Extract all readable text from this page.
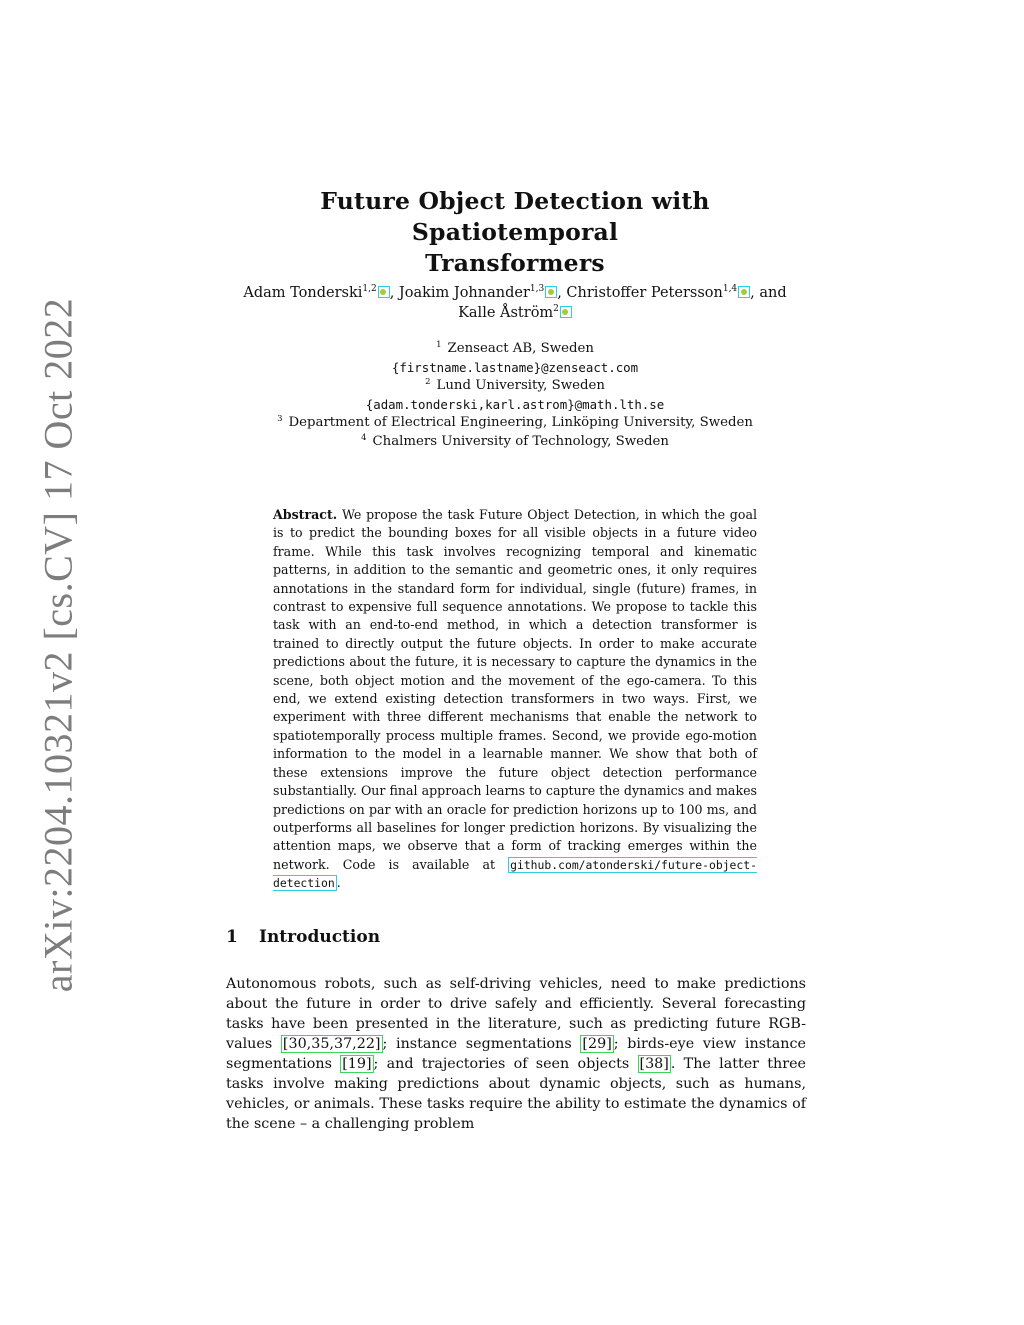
arXiv:2204.10321v2 [cs.CV] 17 Oct 2022
Future Object Detection with Spatiotemporal
Transformers
Adam Tonderski$^{1,2}$ , Joakim Johnander$^{1,3}$ , Christoffer Petersson$^{1,4}$ , and
Kalle Åström$^2$
$^1$ Zenseact AB, Sweden
{firstname.lastname}@zenseact.com
$^2$ Lund University, Sweden
{adam.tonderski,karl.astrom}@math.lth.se
$^3$ Department of Electrical Engineering, Linköping University, Sweden
$^4$ Chalmers University of Technology, Sweden
Abstract. We propose the task Future Object Detection, in which the goal is to predict the bounding boxes for all visible objects in a future video frame. While this task involves recognizing temporal and kinematic patterns, in addition to the semantic and geometric ones, it only requires annotations in the standard form for individual, single (future) frames, in contrast to expensive full sequence annotations. We propose to tackle this task with an end-to-end method, in which a detection transformer is trained to directly output the future objects. In order to make accurate predictions about the future, it is necessary to capture the dynamics in the scene, both object motion and the movement of the ego-camera. To this end, we extend existing detection transformers in two ways. First, we experiment with three different mechanisms that enable the network to spatiotemporally process multiple frames. Second, we provide ego-motion information to the model in a learnable manner. We show that both of these extensions improve the future object detection performance substantially. Our final approach learns to capture the dynamics and makes predictions on par with an oracle for prediction horizons up to 100 ms, and outperforms all baselines for longer prediction horizons. By visualizing the attention maps, we observe that a form of tracking emerges within the network. Code is available at github.com/atonderski/future-object-detection .
1 Introduction
Autonomous robots, such as self-driving vehicles, need to make predictions about the future in order to drive safely and efficiently. Several forecasting tasks have been presented in the literature, such as predicting future RGB-values [30,35,37,22] ; instance segmentations [29] ; birds-eye view instance segmentations [19] ; and trajectories of seen objects [38] . The latter three tasks involve making predictions about dynamic objects, such as humans, vehicles, or animals. These tasks require the ability to estimate the dynamics of the scene – a challenging problem
